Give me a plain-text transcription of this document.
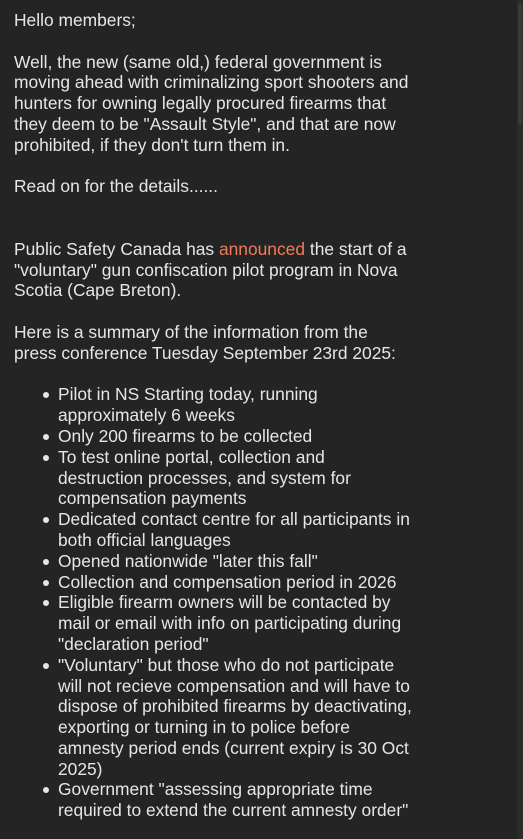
Hello members;

Well, the new (same old,) federal government is moving ahead with criminalizing sport shooters and hunters for owning legally procured firearms that they deem to be "Assault Style", and that are now prohibited, if they don't turn them in.

Read on for the details......

Public Safety Canada has announced the start of a "voluntary" gun confiscation pilot program in Nova Scotia (Cape Breton).

Here is a summary of the information from the press conference Tuesday September 23rd 2025:

Pilot in NS Starting today, running approximately 6 weeks
Only 200 firearms to be collected
To test online portal, collection and destruction processes, and system for compensation payments
Dedicated contact centre for all participants in both official languages
Opened nationwide "later this fall"
Collection and compensation period in 2026
Eligible firearm owners will be contacted by mail or email with info on participating during "declaration period"
"Voluntary" but those who do not participate will not recieve compensation and will have to dispose of prohibited firearms by deactivating, exporting or turning in to police before amnesty period ends (current expiry is 30 Oct 2025)
Government "assessing appropriate time required to extend the current amnesty order"
